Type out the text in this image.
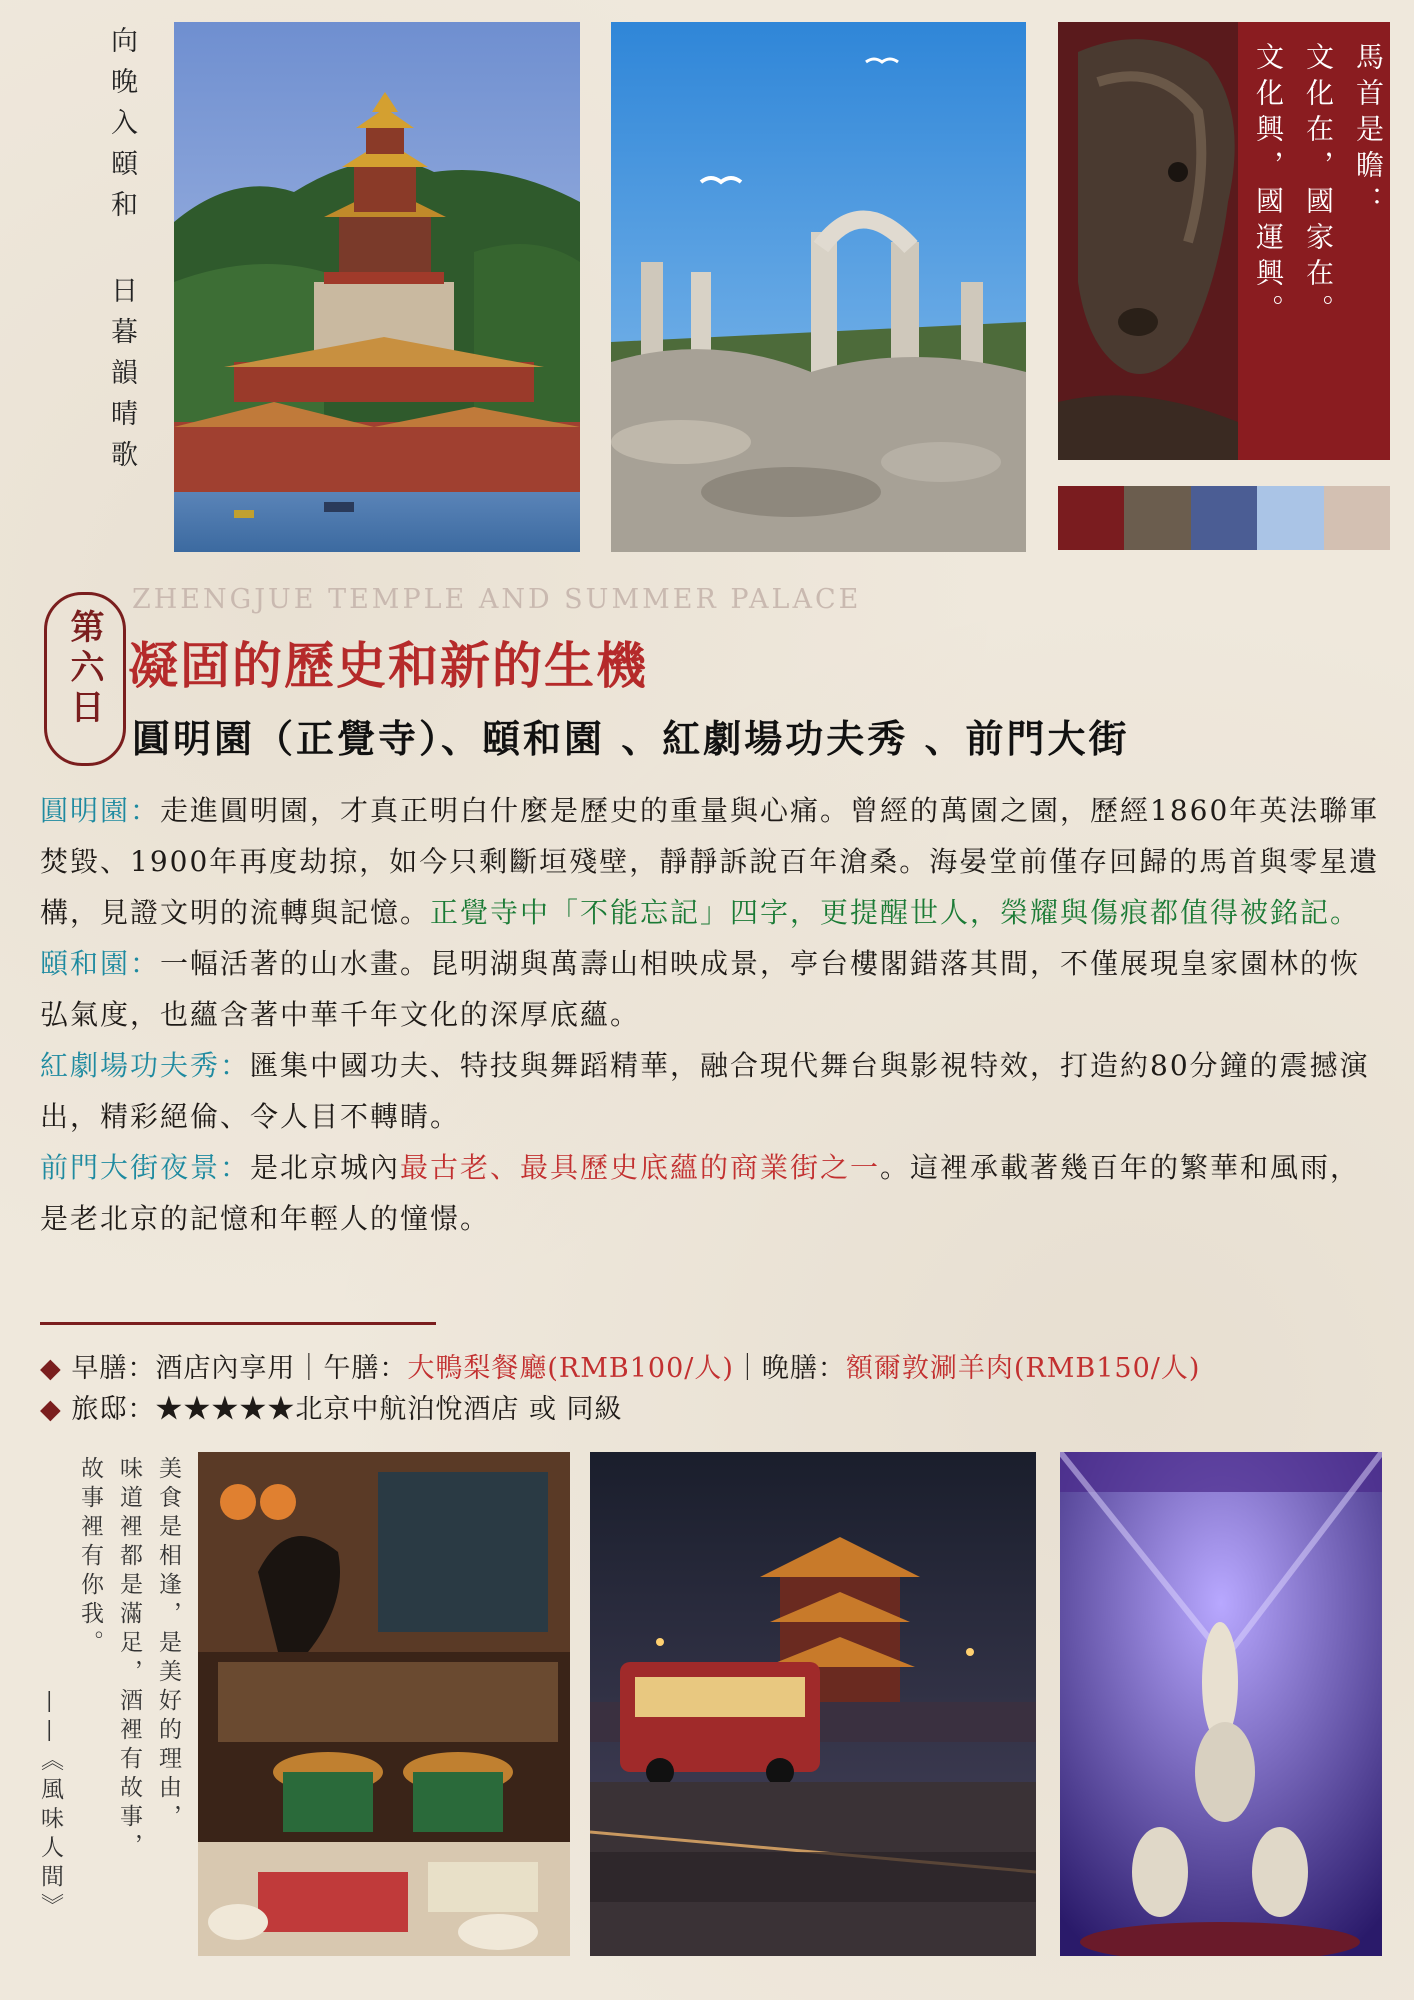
向晚入頤和 日暮韻晴歌	馬首是瞻：
文化在，國家在。
文化興，國運興。
ZHENGJUE TEMPLE AND SUMMER PALACE
第六日 凝固的歷史和新的生機
圓明園（正覺寺）、頤和園 、紅劇場功夫秀 、前門大街

圓明園：走進圓明園，才真正明白什麼是歷史的重量與心痛。曾經的萬園之園，歷經1860年英法聯軍焚毀、1900年再度劫掠，如今只剩斷垣殘壁，靜靜訴說百年滄桑。海晏堂前僅存回歸的馬首與零星遺構，見證文明的流轉與記憶。正覺寺中「不能忘記」四字，更提醒世人，榮耀與傷痕都值得被銘記。

頤和園：一幅活著的山水畫。昆明湖與萬壽山相映成景，亭台樓閣錯落其間，不僅展現皇家園林的恢弘氣度，也蘊含著中華千年文化的深厚底蘊。

紅劇場功夫秀：匯集中國功夫、特技與舞蹈精華，融合現代舞台與影視特效，打造約80分鐘的震撼演出，精彩絕倫、令人目不轉睛。

前門大街夜景：是北京城內最古老、最具歷史底蘊的商業街之一。這裡承載著幾百年的繁華和風雨，是老北京的記憶和年輕人的憧憬。

◆ 早膳：酒店內享用｜午膳：大鴨梨餐廳(RMB100/人)｜晚膳：額爾敦涮羊肉(RMB150/人)
◆ 旅邸：★★★★★北京中航泊悅酒店 或 同級
美食是相逢，是美好的理由，
味道裡都是滿足，酒裡有故事，
故事裡有你我。
——《風味人間》
